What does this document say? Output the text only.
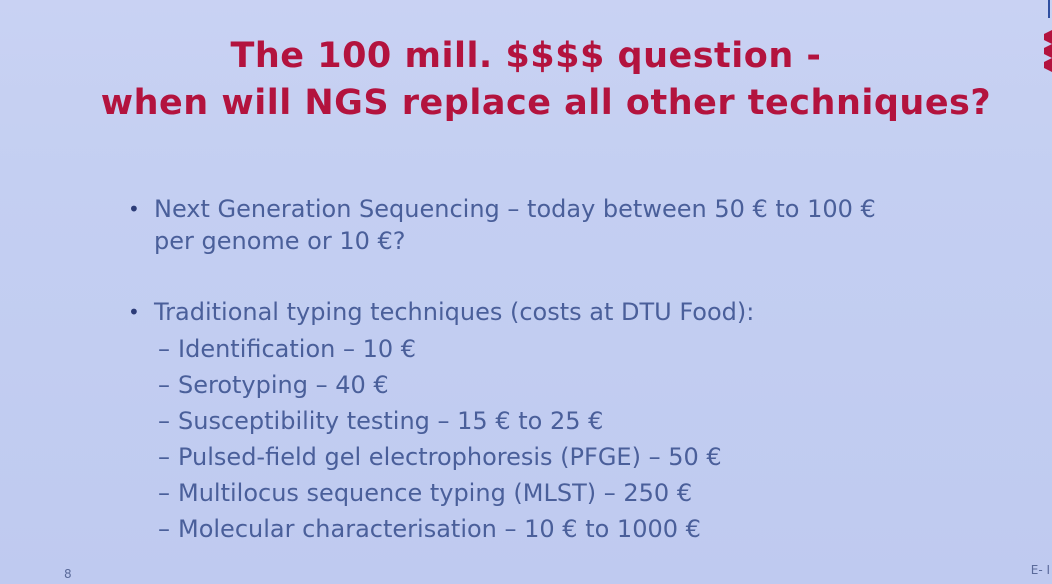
The 100 mill. $$$$ question -
when will NGS replace all other techniques?
• Next Generation Sequencing – today between 50 € to 100 €
per genome or 10 €?
• Traditional typing techniques (costs at DTU Food):
– Identification – 10 €
– Serotyping – 40 €
– Susceptibility testing – 15 € to 25 €
– Pulsed-field gel electrophoresis (PFGE) – 50 €
– Multilocus sequence typing (MLST) – 250 €
– Molecular characterisation – 10 € to 1000 €
8	E- I
